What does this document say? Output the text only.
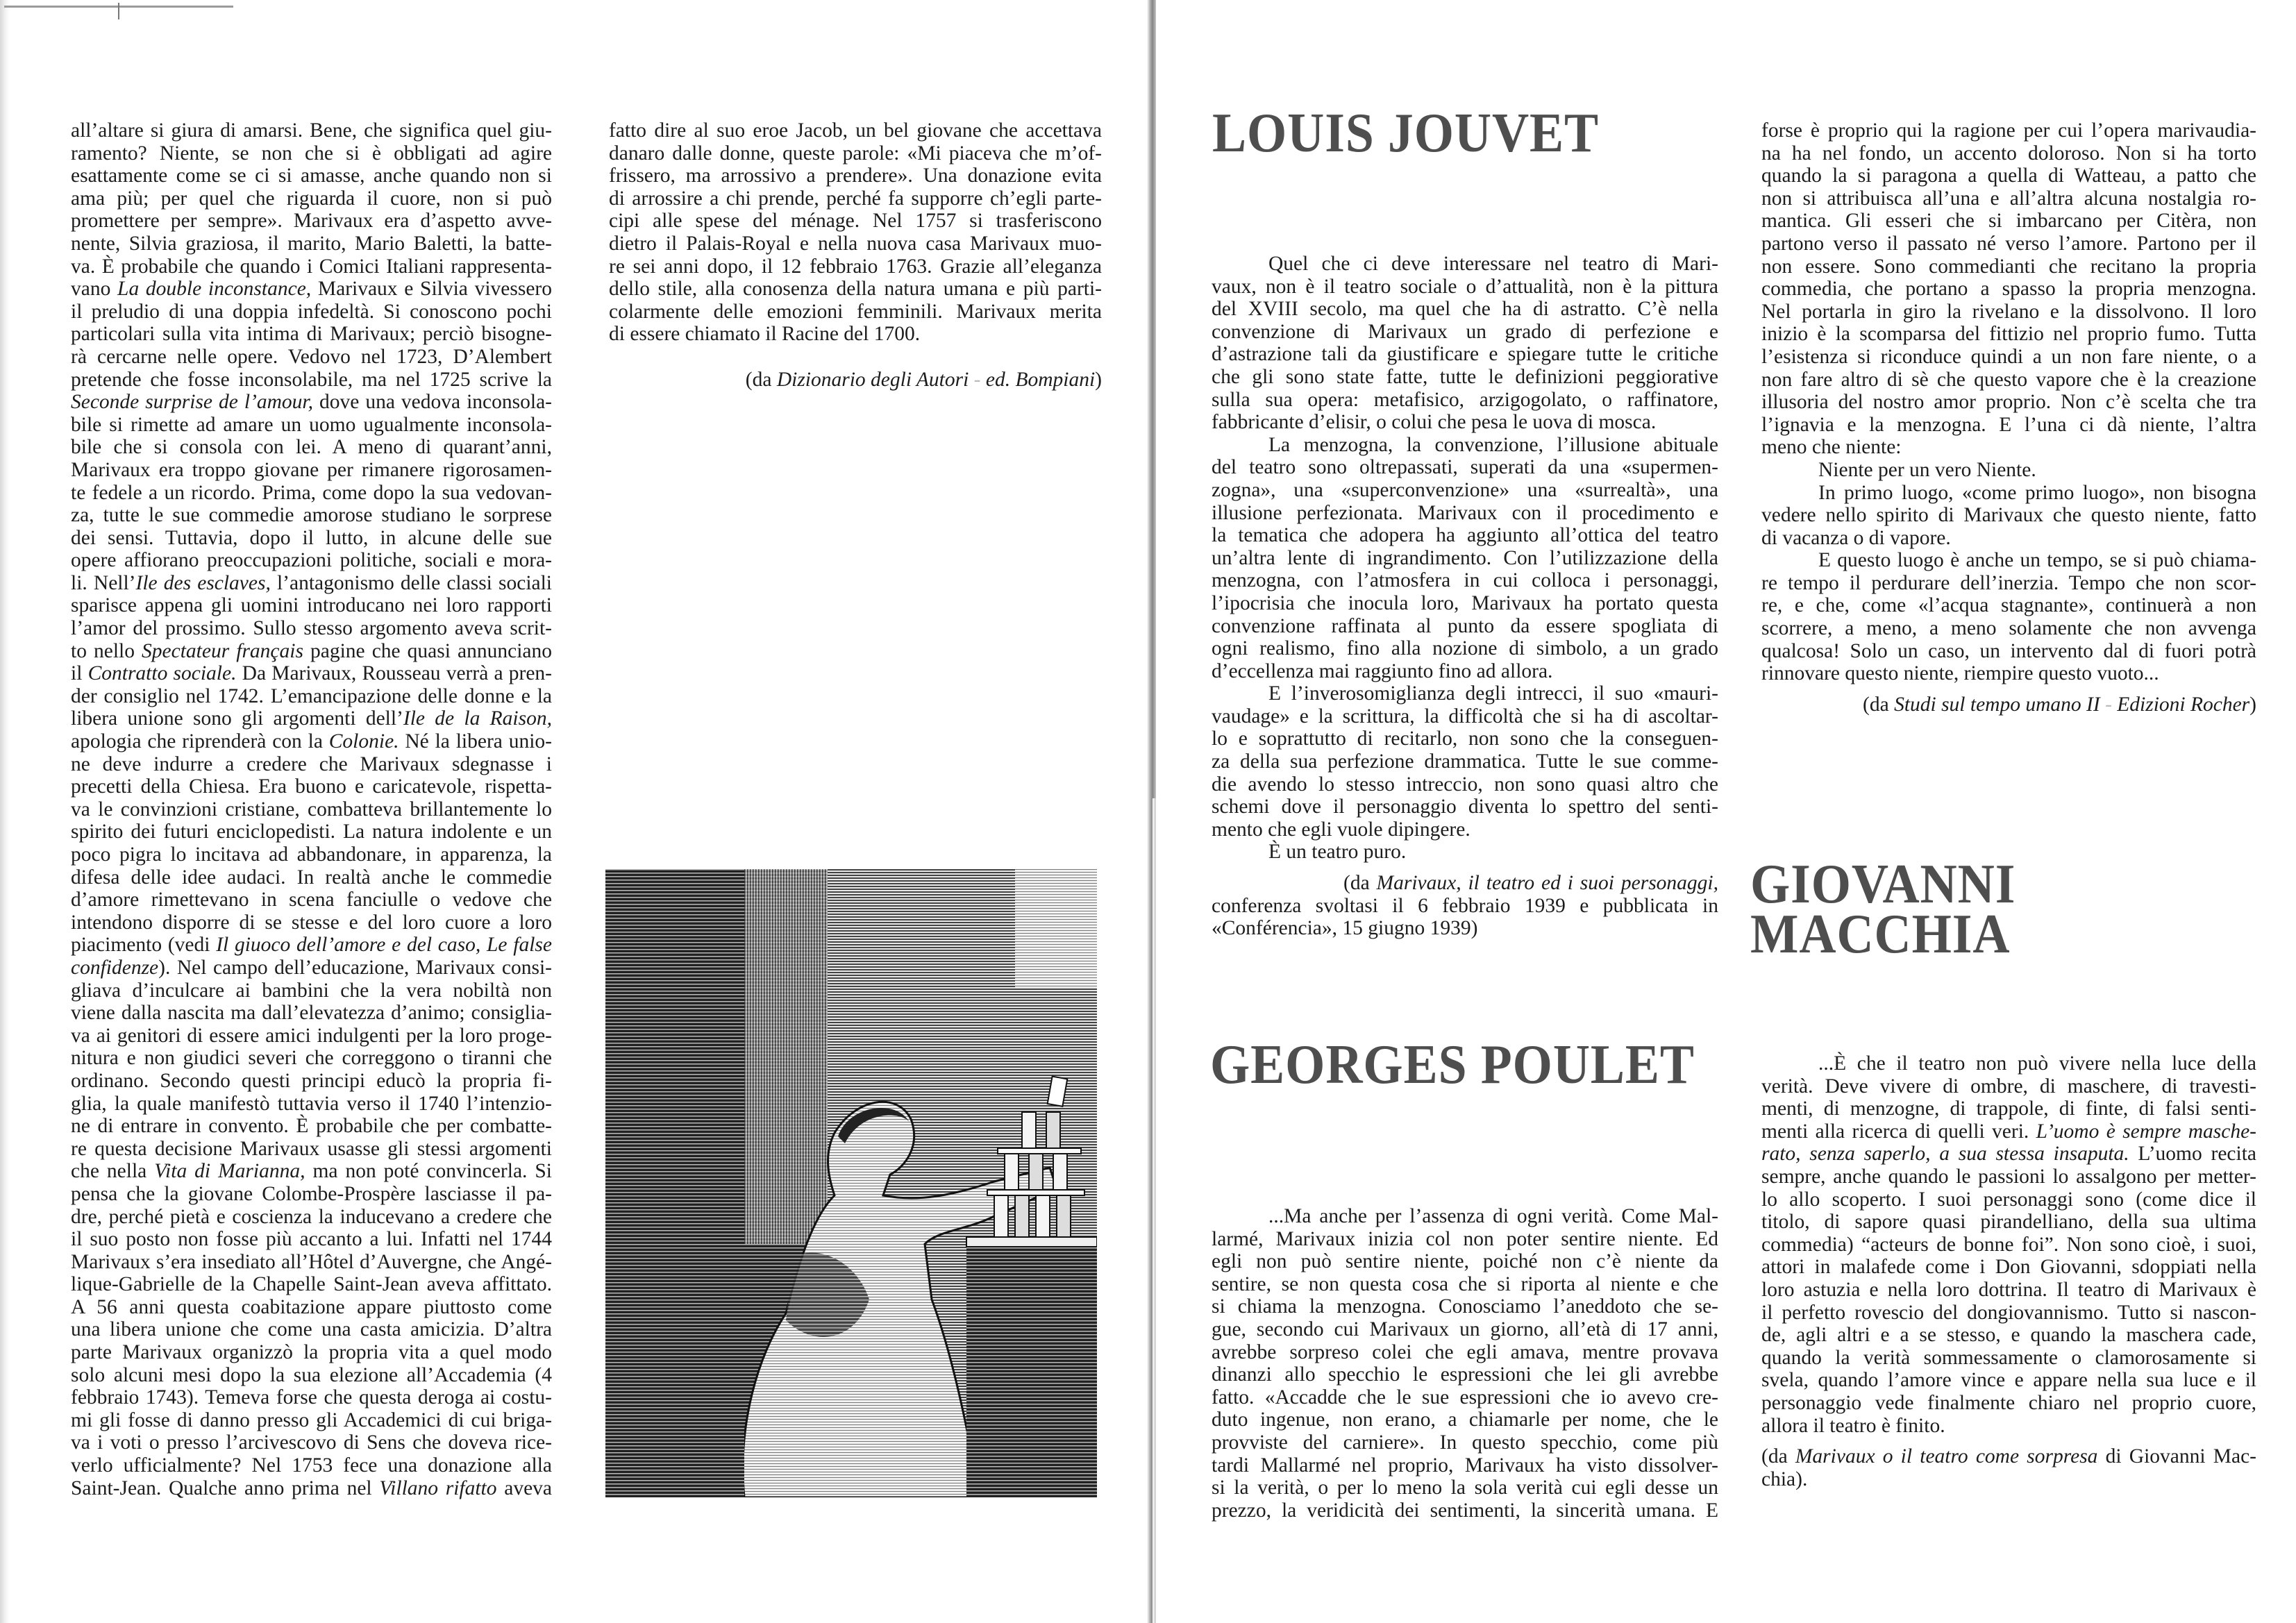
all’altare si giura di amarsi. Bene, che significa quel giu-
ramento? Niente, se non che si è obbligati ad agire
esattamente come se ci si amasse, anche quando non si
ama più; per quel che riguarda il cuore, non si può
promettere per sempre». Marivaux era d’aspetto avve-
nente, Silvia graziosa, il marito, Mario Baletti, la batte-
va. È probabile che quando i Comici Italiani rappresenta-
vano La double inconstance, Marivaux e Silvia vivessero
il preludio di una doppia infedeltà. Si conoscono pochi
particolari sulla vita intima di Marivaux; perciò bisogne-
rà cercarne nelle opere. Vedovo nel 1723, D’Alembert
pretende che fosse inconsolabile, ma nel 1725 scrive la
Seconde surprise de l’amour, dove una vedova inconsola-
bile si rimette ad amare un uomo ugualmente inconsola-
bile che si consola con lei. A meno di quarant’anni,
Marivaux era troppo giovane per rimanere rigorosamen-
te fedele a un ricordo. Prima, come dopo la sua vedovan-
za, tutte le sue commedie amorose studiano le sorprese
dei sensi. Tuttavia, dopo il lutto, in alcune delle sue
opere affiorano preoccupazioni politiche, sociali e mora-
li. Nell’Ile des esclaves, l’antagonismo delle classi sociali
sparisce appena gli uomini introducano nei loro rapporti
l’amor del prossimo. Sullo stesso argomento aveva scrit-
to nello Spectateur français pagine che quasi annunciano
il Contratto sociale. Da Marivaux, Rousseau verrà a pren-
der consiglio nel 1742. L’emancipazione delle donne e la
libera unione sono gli argomenti dell’Ile de la Raison,
apologia che riprenderà con la Colonie. Né la libera unio-
ne deve indurre a credere che Marivaux sdegnasse i
precetti della Chiesa. Era buono e caricatevole, rispetta-
va le convinzioni cristiane, combatteva brillantemente lo
spirito dei futuri enciclopedisti. La natura indolente e un
poco pigra lo incitava ad abbandonare, in apparenza, la
difesa delle idee audaci. In realtà anche le commedie
d’amore rimettevano in scena fanciulle o vedove che
intendono disporre di se stesse e del loro cuore a loro
piacimento (vedi Il giuoco dell’amore e del caso, Le false
confidenze). Nel campo dell’educazione, Marivaux consi-
gliava d’inculcare ai bambini che la vera nobiltà non
viene dalla nascita ma dall’elevatezza d’animo; consiglia-
va ai genitori di essere amici indulgenti per la loro proge-
nitura e non giudici severi che correggono o tiranni che
ordinano. Secondo questi principi educò la propria fi-
glia, la quale manifestò tuttavia verso il 1740 l’intenzio-
ne di entrare in convento. È probabile che per combatte-
re questa decisione Marivaux usasse gli stessi argomenti
che nella Vita di Marianna, ma non poté convincerla. Si
pensa che la giovane Colombe-Prospère lasciasse il pa-
dre, perché pietà e coscienza la inducevano a credere che
il suo posto non fosse più accanto a lui. Infatti nel 1744
Marivaux s’era insediato all’Hôtel d’Auvergne, che Angé-
lique-Gabrielle de la Chapelle Saint-Jean aveva affittato.
A 56 anni questa coabitazione appare piuttosto come
una libera unione che come una casta amicizia. D’altra
parte Marivaux organizzò la propria vita a quel modo
solo alcuni mesi dopo la sua elezione all’Accademia (4
febbraio 1743). Temeva forse che questa deroga ai costu-
mi gli fosse di danno presso gli Accademici di cui briga-
va i voti o presso l’arcivescovo di Sens che doveva rice-
verlo ufficialmente? Nel 1753 fece una donazione alla
Saint-Jean. Qualche anno prima nel Villano rifatto aveva
fatto dire al suo eroe Jacob, un bel giovane che accettava
danaro dalle donne, queste parole: «Mi piaceva che m’of-
frissero, ma arrossivo a prendere». Una donazione evita
di arrossire a chi prende, perché fa supporre ch’egli parte-
cipi alle spese del ménage. Nel 1757 si trasferiscono
dietro il Palais-Royal e nella nuova casa Marivaux muo-
re sei anni dopo, il 12 febbraio 1763. Grazie all’eleganza
dello stile, alla conosenza della natura umana e più parti-
colarmente delle emozioni femminili. Marivaux merita
di essere chiamato il Racine del 1700.
(da Dizionario degli Autori - ed. Bompiani)
LOUIS JOUVET
Quel che ci deve interessare nel teatro di Mari-
vaux, non è il teatro sociale o d’attualità, non è la pittura
del XVIII secolo, ma quel che ha di astratto. C’è nella
convenzione di Marivaux un grado di perfezione e
d’astrazione tali da giustificare e spiegare tutte le critiche
che gli sono state fatte, tutte le definizioni peggiorative
sulla sua opera: metafisico, arzigogolato, o raffinatore,
fabbricante d’elisir, o colui che pesa le uova di mosca.
La menzogna, la convenzione, l’illusione abituale
del teatro sono oltrepassati, superati da una «supermen-
zogna», una «superconvenzione» una «surrealtà», una
illusione perfezionata. Marivaux con il procedimento e
la tematica che adopera ha aggiunto all’ottica del teatro
un’altra lente di ingrandimento. Con l’utilizzazione della
menzogna, con l’atmosfera in cui colloca i personaggi,
l’ipocrisia che inocula loro, Marivaux ha portato questa
convenzione raffinata al punto da essere spogliata di
ogni realismo, fino alla nozione di simbolo, a un grado
d’eccellenza mai raggiunto fino ad allora.
E l’inverosomiglianza degli intrecci, il suo «mauri-
vaudage» e la scrittura, la difficoltà che si ha di ascoltar-
lo e soprattutto di recitarlo, non sono che la conseguen-
za della sua perfezione drammatica. Tutte le sue comme-
die avendo lo stesso intreccio, non sono quasi altro che
schemi dove il personaggio diventa lo spettro del senti-
mento che egli vuole dipingere.
È un teatro puro.
(da Marivaux, il teatro ed i suoi personaggi,
conferenza svoltasi il 6 febbraio 1939 e pubblicata in
«Conférencia», 15 giugno 1939)
GEORGES POULET
...Ma anche per l’assenza di ogni verità. Come Mal-
larmé, Marivaux inizia col non poter sentire niente. Ed
egli non può sentire niente, poiché non c’è niente da
sentire, se non questa cosa che si riporta al niente e che
si chiama la menzogna. Conosciamo l’aneddoto che se-
gue, secondo cui Marivaux un giorno, all’età di 17 anni,
avrebbe sorpreso colei che egli amava, mentre provava
dinanzi allo specchio le espressioni che lei gli avrebbe
fatto. «Accadde che le sue espressioni che io avevo cre-
duto ingenue, non erano, a chiamarle per nome, che le
provviste del carniere». In questo specchio, come più
tardi Mallarmé nel proprio, Marivaux ha visto dissolver-
si la verità, o per lo meno la sola verità cui egli desse un
prezzo, la veridicità dei sentimenti, la sincerità umana. E
forse è proprio qui la ragione per cui l’opera marivaudia-
na ha nel fondo, un accento doloroso. Non si ha torto
quando la si paragona a quella di Watteau, a patto che
non si attribuisca all’una e all’altra alcuna nostalgia ro-
mantica. Gli esseri che si imbarcano per Citèra, non
partono verso il passato né verso l’amore. Partono per il
non essere. Sono commedianti che recitano la propria
commedia, che portano a spasso la propria menzogna.
Nel portarla in giro la rivelano e la dissolvono. Il loro
inizio è la scomparsa del fittizio nel proprio fumo. Tutta
l’esistenza si riconduce quindi a un non fare niente, o a
non fare altro di sè che questo vapore che è la creazione
illusoria del nostro amor proprio. Non c’è scelta che tra
l’ignavia e la menzogna. E l’una ci dà niente, l’altra
meno che niente:
Niente per un vero Niente.
In primo luogo, «come primo luogo», non bisogna
vedere nello spirito di Marivaux che questo niente, fatto
di vacanza o di vapore.
E questo luogo è anche un tempo, se si può chiama-
re tempo il perdurare dell’inerzia. Tempo che non scor-
re, e che, come «l’acqua stagnante», continuerà a non
scorrere, a meno, a meno solamente che non avvenga
qualcosa! Solo un caso, un intervento dal di fuori potrà
rinnovare questo niente, riempire questo vuoto...
(da Studi sul tempo umano II - Edizioni Rocher)
GIOVANNI
MACCHIA
...È che il teatro non può vivere nella luce della
verità. Deve vivere di ombre, di maschere, di travesti-
menti, di menzogne, di trappole, di finte, di falsi senti-
menti alla ricerca di quelli veri. L’uomo è sempre masche-
rato, senza saperlo, a sua stessa insaputa. L’uomo recita
sempre, anche quando le passioni lo assalgono per metter-
lo allo scoperto. I suoi personaggi sono (come dice il
titolo, di sapore quasi pirandelliano, della sua ultima
commedia) “acteurs de bonne foi”. Non sono cioè, i suoi,
attori in malafede come i Don Giovanni, sdoppiati nella
loro astuzia e nella loro dottrina. Il teatro di Marivaux è
il perfetto rovescio del dongiovannismo. Tutto si nascon-
de, agli altri e a se stesso, e quando la maschera cade,
quando la verità sommessamente o clamorosamente si
svela, quando l’amore vince e appare nella sua luce e il
personaggio vede finalmente chiaro nel proprio cuore,
allora il teatro è finito.
(da Marivaux o il teatro come sorpresa di Giovanni Mac-
chia).
